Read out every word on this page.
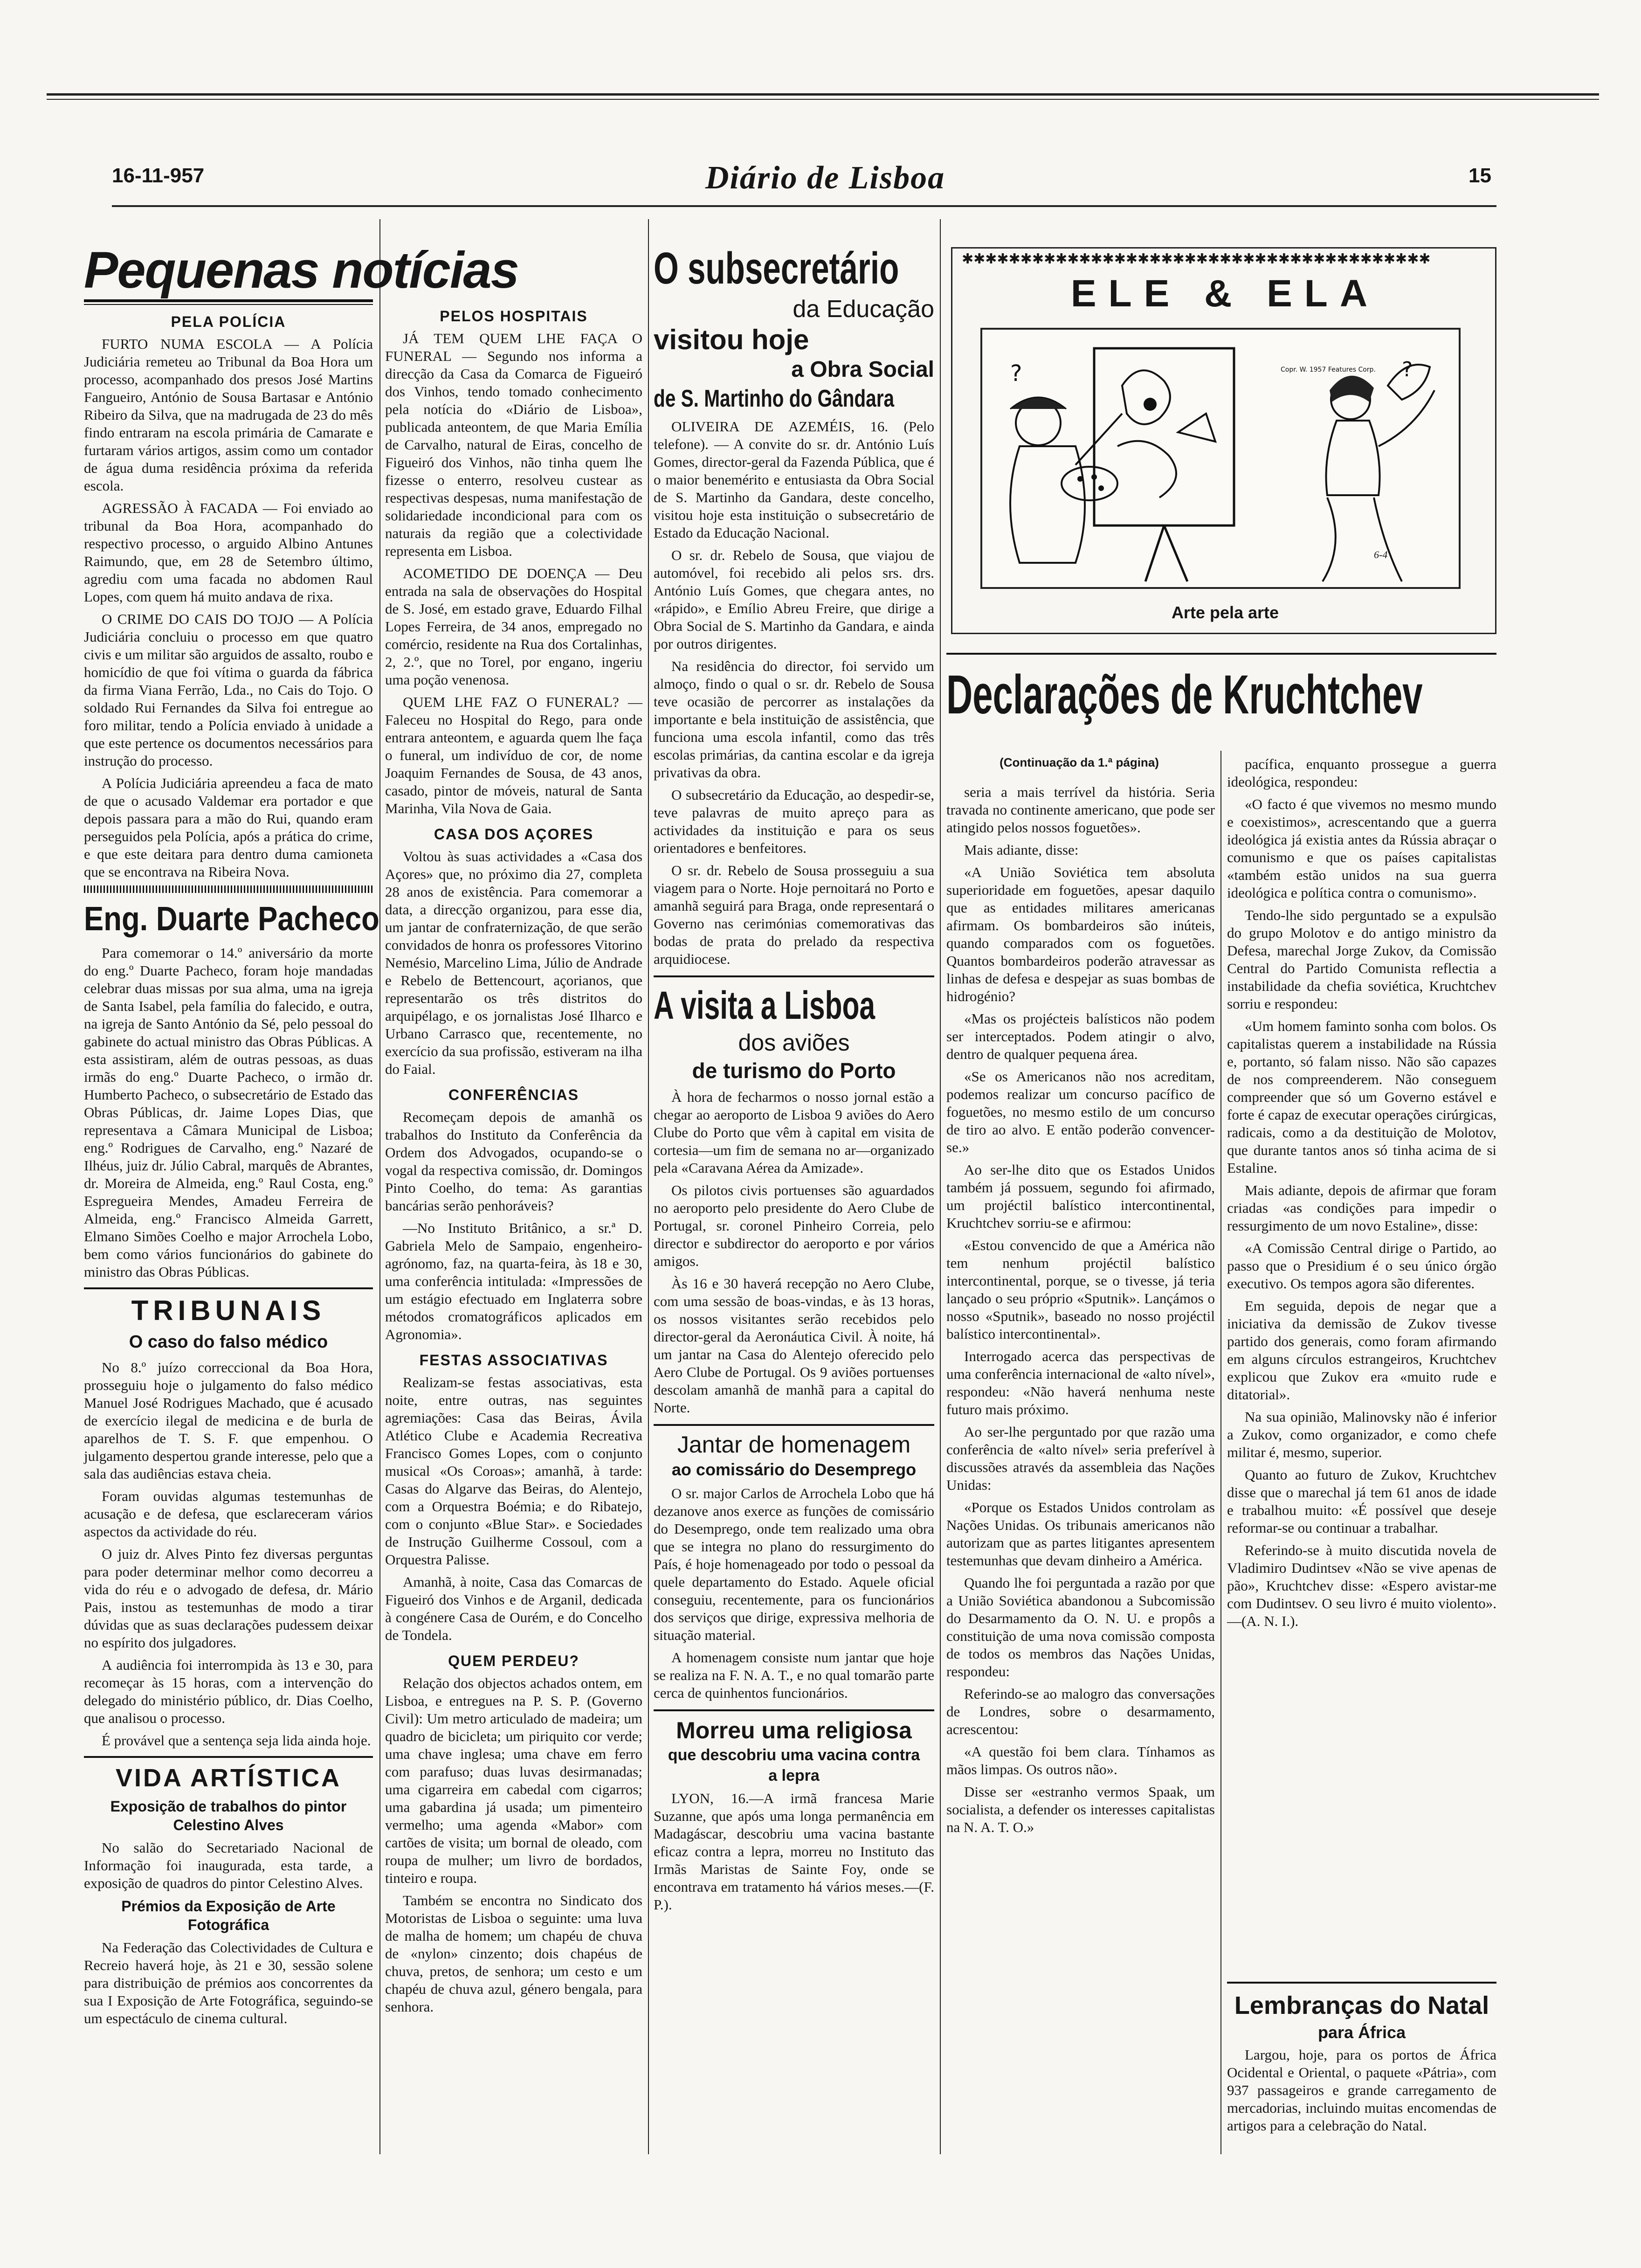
16-11-957	Diário de Lisboa	15
Pequenas notícias
PELA POLÍCIA

FURTO NUMA ESCOLA — A Polícia Judiciária remeteu ao Tribunal da Boa Hora um processo, acompanhado dos presos José Martins Fangueiro, António de Sousa Bartasar e António Ribeiro da Silva, que na madrugada de 23 do mês findo entraram na escola primária de Camarate e furtaram vários artigos, assim como um contador de água duma residência próxima da referida escola.

AGRESSÃO À FACADA — Foi enviado ao tribunal da Boa Hora, acompanhado do respectivo processo, o arguido Albino Antunes Raimundo, que, em 28 de Setembro último, agrediu com uma facada no abdomen Raul Lopes, com quem há muito andava de rixa.

O CRIME DO CAIS DO TOJO — A Polícia Judiciária concluiu o processo em que quatro civis e um militar são arguidos de assalto, roubo e homicídio de que foi vítima o guarda da fábrica da firma Viana Ferrão, Lda., no Cais do Tojo. O soldado Rui Fernandes da Silva foi entregue ao foro militar, tendo a Polícia enviado à unidade a que este pertence os documentos necessários para instrução do processo.

A Polícia Judiciária apreendeu a faca de mato de que o acusado Valdemar era portador e que depois passara para a mão do Rui, quando eram perseguidos pela Polícia, após a prática do crime, e que este deitara para dentro duma camioneta que se encontrava na Ribeira Nova.

Eng. Duarte Pacheco

Para comemorar o 14.º aniversário da morte do eng.º Duarte Pacheco, foram hoje mandadas celebrar duas missas por sua alma, uma na igreja de Santa Isabel, pela família do falecido, e outra, na igreja de Santo António da Sé, pelo pessoal do gabinete do actual ministro das Obras Públicas. A esta assistiram, além de outras pessoas, as duas irmãs do eng.º Duarte Pacheco, o irmão dr. Humberto Pacheco, o subsecretário de Estado das Obras Públicas, dr. Jaime Lopes Dias, que representava a Câmara Municipal de Lisboa; eng.º Rodrigues de Carvalho, eng.º Nazaré de Ilhéus, juiz dr. Júlio Cabral, marquês de Abrantes, dr. Moreira de Almeida, eng.º Raul Costa, eng.º Espregueira Mendes, Amadeu Ferreira de Almeida, eng.º Francisco Almeida Garrett, Elmano Simões Coelho e major Arrochela Lobo, bem como vários funcionários do gabinete do ministro das Obras Públicas.

TRIBUNAIS
O caso do falso médico

No 8.º juízo correccional da Boa Hora, prosseguiu hoje o julgamento do falso médico Manuel José Rodrigues Machado, que é acusado de exercício ilegal de medicina e de burla de aparelhos de T. S. F. que empenhou. O julgamento despertou grande interesse, pelo que a sala das audiências estava cheia.

Foram ouvidas algumas testemunhas de acusação e de defesa, que esclareceram vários aspectos da actividade do réu.

O juiz dr. Alves Pinto fez diversas perguntas para poder determinar melhor como decorreu a vida do réu e o advogado de defesa, dr. Mário Pais, instou as testemunhas de modo a tirar dúvidas que as suas declarações pudessem deixar no espírito dos julgadores.

A audiência foi interrompida às 13 e 30, para recomeçar às 15 horas, com a intervenção do delegado do ministério público, dr. Dias Coelho, que analisou o processo.

É provável que a sentença seja lida ainda hoje.

VIDA ARTÍSTICA
Exposição de trabalhos do pintor Celestino Alves

No salão do Secretariado Nacional de Informação foi inaugurada, esta tarde, a exposição de quadros do pintor Celestino Alves.

Prémios da Exposição de Arte Fotográfica

Na Federação das Colectividades de Cultura e Recreio haverá hoje, às 21 e 30, sessão solene para distribuição de prémios aos concorrentes da sua I Exposição de Arte Fotográfica, seguindo-se um espectáculo de cinema cultural.

PELOS HOSPITAIS

JÁ TEM QUEM LHE FAÇA O FUNERAL — Segundo nos informa a direcção da Casa da Comarca de Figueiró dos Vinhos, tendo tomado conhecimento pela notícia do «Diário de Lisboa», publicada anteontem, de que Maria Emília de Carvalho, natural de Eiras, concelho de Figueiró dos Vinhos, não tinha quem lhe fizesse o enterro, resolveu custear as respectivas despesas, numa manifestação de solidariedade incondicional para com os naturais da região que a colectividade representa em Lisboa.

ACOMETIDO DE DOENÇA — Deu entrada na sala de observações do Hospital de S. José, em estado grave, Eduardo Filhal Lopes Ferreira, de 34 anos, empregado no comércio, residente na Rua dos Cortalinhas, 2, 2.º, que no Torel, por engano, ingeriu uma poção venenosa.

QUEM LHE FAZ O FUNERAL? — Faleceu no Hospital do Rego, para onde entrara anteontem, e aguarda quem lhe faça o funeral, um indivíduo de cor, de nome Joaquim Fernandes de Sousa, de 43 anos, casado, pintor de móveis, natural de Santa Marinha, Vila Nova de Gaia.

CASA DOS AÇORES

Voltou às suas actividades a «Casa dos Açores» que, no próximo dia 27, completa 28 anos de existência. Para comemorar a data, a direcção organizou, para esse dia, um jantar de confraternização, de que serão convidados de honra os professores Vitorino Nemésio, Marcelino Lima, Júlio de Andrade e Rebelo de Bettencourt, açorianos, que representarão os três distritos do arquipélago, e os jornalistas José Ilharco e Urbano Carrasco que, recentemente, no exercício da sua profissão, estiveram na ilha do Faial.

CONFERÊNCIAS

Recomeçam depois de amanhã os trabalhos do Instituto da Conferência da Ordem dos Advogados, ocupando-se o vogal da respectiva comissão, dr. Domingos Pinto Coelho, do tema: As garantias bancárias serão penhoráveis?

—No Instituto Britânico, a sr.ª D. Gabriela Melo de Sampaio, engenheiro-agrónomo, faz, na quarta-feira, às 18 e 30, uma conferência intitulada: «Impressões de um estágio efectuado em Inglaterra sobre métodos cromatográficos aplicados em Agronomia».

FESTAS ASSOCIATIVAS

Realizam-se festas associativas, esta noite, entre outras, nas seguintes agremiações: Casa das Beiras, Ávila Atlético Clube e Academia Recreativa Francisco Gomes Lopes, com o conjunto musical «Os Coroas»; amanhã, à tarde: Casas do Algarve das Beiras, do Alentejo, com a Orquestra Boémia; e do Ribatejo, com o conjunto «Blue Star». e Sociedades de Instrução Guilherme Cossoul, com a Orquestra Palisse.

Amanhã, à noite, Casa das Comarcas de Figueiró dos Vinhos e de Arganil, dedicada à congénere Casa de Ourém, e do Concelho de Tondela.

QUEM PERDEU?

Relação dos objectos achados ontem, em Lisboa, e entregues na P. S. P. (Governo Civil): Um metro articulado de madeira; um quadro de bicicleta; um piriquito cor verde; uma chave inglesa; uma chave em ferro com parafuso; duas luvas desirmanadas; uma cigarreira em cabedal com cigarros; uma gabardina já usada; um pimenteiro vermelho; uma agenda «Mabor» com cartões de visita; um bornal de oleado, com roupa de mulher; um livro de bordados, tinteiro e roupa.

Também se encontra no Sindicato dos Motoristas de Lisboa o seguinte: uma luva de malha de homem; um chapéu de chuva de «nylon» cinzento; dois chapéus de chuva, pretos, de senhora; um cesto e um chapéu de chuva azul, género bengala, para senhora.

O subsecretário
da Educação
visitou hoje
a Obra Social
de S. Martinho do Gândara

OLIVEIRA DE AZEMÉIS, 16. (Pelo telefone). — A convite do sr. dr. António Luís Gomes, director-geral da Fazenda Pública, que é o maior benemérito e entusiasta da Obra Social de S. Martinho da Gandara, deste concelho, visitou hoje esta instituição o subsecretário de Estado da Educação Nacional.

O sr. dr. Rebelo de Sousa, que viajou de automóvel, foi recebido ali pelos srs. drs. António Luís Gomes, que chegara antes, no «rápido», e Emílio Abreu Freire, que dirige a Obra Social de S. Martinho da Gandara, e ainda por outros dirigentes.

Na residência do director, foi servido um almoço, findo o qual o sr. dr. Rebelo de Sousa teve ocasião de percorrer as instalações da importante e bela instituição de assistência, que funciona uma escola infantil, como das três escolas primárias, da cantina escolar e da igreja privativas da obra.

O subsecretário da Educação, ao despedir-se, teve palavras de muito apreço para as actividades da instituição e para os seus orientadores e benfeitores.

O sr. dr. Rebelo de Sousa prosseguiu a sua viagem para o Norte. Hoje pernoitará no Porto e amanhã seguirá para Braga, onde representará o Governo nas cerimónias comemorativas das bodas de prata do prelado da respectiva arquidiocese.

A visita a Lisboa
dos aviões
de turismo do Porto

À hora de fecharmos o nosso jornal estão a chegar ao aeroporto de Lisboa 9 aviões do Aero Clube do Porto que vêm à capital em visita de cortesia—um fim de semana no ar—organizado pela «Caravana Aérea da Amizade».

Os pilotos civis portuenses são aguardados no aeroporto pelo presidente do Aero Clube de Portugal, sr. coronel Pinheiro Correia, pelo director e subdirector do aeroporto e por vários amigos.

Às 16 e 30 haverá recepção no Aero Clube, com uma sessão de boas-vindas, e às 13 horas, os nossos visitantes serão recebidos pelo director-geral da Aeronáutica Civil. À noite, há um jantar na Casa do Alentejo oferecido pelo Aero Clube de Portugal. Os 9 aviões portuenses descolam amanhã de manhã para a capital do Norte.

Jantar de homenagem
ao comissário do Desemprego

O sr. major Carlos de Arrochela Lobo que há dezanove anos exerce as funções de comissário do Desemprego, onde tem realizado uma obra que se integra no plano do ressurgimento do País, é hoje homenageado por todo o pessoal da quele departamento do Estado. Aquele oficial conseguiu, recentemente, para os funcionários dos serviços que dirige, expressiva melhoria de situação material.

A homenagem consiste num jantar que hoje se realiza na F. N. A. T., e no qual tomarão parte cerca de quinhentos funcionários.

Morreu uma religiosa
que descobriu uma vacina contra a lepra

LYON, 16.—A irmã francesa Marie Suzanne, que após uma longa permanência em Madagáscar, descobriu uma vacina bastante eficaz contra a lepra, morreu no Instituto das Irmãs Maristas de Sainte Foy, onde se encontrava em tratamento há vários meses.—(F. P.).

✱✱✱✱✱✱✱✱✱✱✱✱✱✱✱✱✱✱✱✱✱✱✱✱✱✱✱✱✱✱✱✱✱✱✱✱✱✱✱✱
ELE & ELA
?	?
Copr. W. 1957 Features Corp.
6-4
Arte pela arte
Declarações de Kruchtchev
(Continuação da 1.ª página)

seria a mais terrível da história. Seria travada no continente americano, que pode ser atingido pelos nossos foguetões».

Mais adiante, disse:

«A União Soviética tem absoluta superioridade em foguetões, apesar daquilo que as entidades militares americanas afirmam. Os bombardeiros são inúteis, quando comparados com os foguetões. Quantos bombardeiros poderão atravessar as linhas de defesa e despejar as suas bombas de hidrogénio?

«Mas os projécteis balísticos não podem ser interceptados. Podem atingir o alvo, dentro de qualquer pequena área.

«Se os Americanos não nos acreditam, podemos realizar um concurso pacífico de foguetões, no mesmo estilo de um concurso de tiro ao alvo. E então poderão convencer-se.»

Ao ser-lhe dito que os Estados Unidos também já possuem, segundo foi afirmado, um projéctil balístico intercontinental, Kruchtchev sorriu-se e afirmou:

«Estou convencido de que a América não tem nenhum projéctil balístico intercontinental, porque, se o tivesse, já teria lançado o seu próprio «Sputnik». Lançámos o nosso «Sputnik», baseado no nosso projéctil balístico intercontinental».

Interrogado acerca das perspectivas de uma conferência internacional de «alto nível», respondeu: «Não haverá nenhuma neste futuro mais próximo.

Ao ser-lhe perguntado por que razão uma conferência de «alto nível» seria preferível à discussões através da assembleia das Nações Unidas:

«Porque os Estados Unidos controlam as Nações Unidas. Os tribunais americanos não autorizam que as partes litigantes apresentem testemunhas que devam dinheiro a América.

Quando lhe foi perguntada a razão por que a União Soviética abandonou a Subcomissão do Desarmamento da O. N. U. e propôs a constituição de uma nova comissão composta de todos os membros das Nações Unidas, respondeu:

Referindo-se ao malogro das conversações de Londres, sobre o desarmamento, acrescentou:

«A questão foi bem clara. Tínhamos as mãos limpas. Os outros não».

Disse ser «estranho vermos Spaak, um socialista, a defender os interesses capitalistas na N. A. T. O.»

pacífica, enquanto prossegue a guerra ideológica, respondeu:

«O facto é que vivemos no mesmo mundo e coexistimos», acrescentando que a guerra ideológica já existia antes da Rússia abraçar o comunismo e que os países capitalistas «também estão unidos na sua guerra ideológica e política contra o comunismo».

Tendo-lhe sido perguntado se a expulsão do grupo Molotov e do antigo ministro da Defesa, marechal Jorge Zukov, da Comissão Central do Partido Comunista reflectia a instabilidade da chefia soviética, Kruchtchev sorriu e respondeu:

«Um homem faminto sonha com bolos. Os capitalistas querem a instabilidade na Rússia e, portanto, só falam nisso. Não são capazes de nos compreenderem. Não conseguem compreender que só um Governo estável e forte é capaz de executar operações cirúrgicas, radicais, como a da destituição de Molotov, que durante tantos anos só tinha acima de si Estaline.

Mais adiante, depois de afirmar que foram criadas «as condições para impedir o ressurgimento de um novo Estaline», disse:

«A Comissão Central dirige o Partido, ao passo que o Presidium é o seu único órgão executivo. Os tempos agora são diferentes.

Em seguida, depois de negar que a iniciativa da demissão de Zukov tivesse partido dos generais, como foram afirmando em alguns círculos estrangeiros, Kruchtchev explicou que Zukov era «muito rude e ditatorial».

Na sua opinião, Malinovsky não é inferior a Zukov, como organizador, e como chefe militar é, mesmo, superior.

Quanto ao futuro de Zukov, Kruchtchev disse que o marechal já tem 61 anos de idade e trabalhou muito: «É possível que deseje reformar-se ou continuar a trabalhar.

Referindo-se à muito discutida novela de Vladimiro Dudintsev «Não se vive apenas de pão», Kruchtchev disse: «Espero avistar-me com Dudintsev. O seu livro é muito violento».—(A. N. I.).

Lembranças do Natal
para África

Largou, hoje, para os portos de África Ocidental e Oriental, o paquete «Pátria», com 937 passageiros e grande carregamento de mercadorias, incluindo muitas encomendas de artigos para a celebração do Natal.
